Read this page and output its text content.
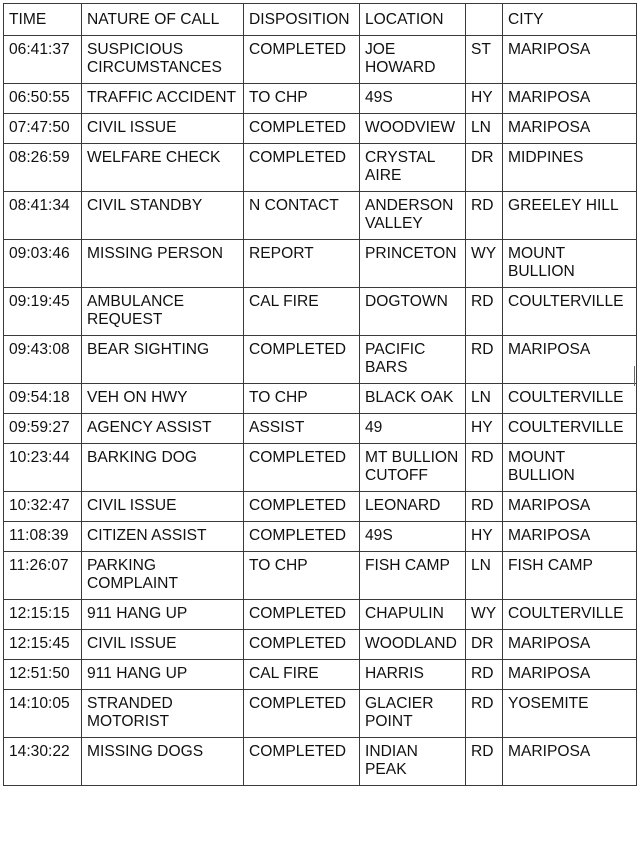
TIME	NATURE OF CALL	DISPOSITION	LOCATION		CITY
06:41:37	SUSPICIOUS CIRCUMSTANCES	COMPLETED	JOE HOWARD	ST	MARIPOSA
06:50:55	TRAFFIC ACCIDENT	TO CHP	49S	HY	MARIPOSA
07:47:50	CIVIL ISSUE	COMPLETED	WOODVIEW	LN	MARIPOSA
08:26:59	WELFARE CHECK	COMPLETED	CRYSTAL AIRE	DR	MIDPINES
08:41:34	CIVIL STANDBY	N CONTACT	ANDERSON VALLEY	RD	GREELEY HILL
09:03:46	MISSING PERSON	REPORT	PRINCETON	WY	MOUNT BULLION
09:19:45	AMBULANCE REQUEST	CAL FIRE	DOGTOWN	RD	COULTERVILLE
09:43:08	BEAR SIGHTING	COMPLETED	PACIFIC BARS	RD	MARIPOSA
09:54:18	VEH ON HWY	TO CHP	BLACK OAK	LN	COULTERVILLE
09:59:27	AGENCY ASSIST	ASSIST	49	HY	COULTERVILLE
10:23:44	BARKING DOG	COMPLETED	MT BULLION CUTOFF	RD	MOUNT BULLION
10:32:47	CIVIL ISSUE	COMPLETED	LEONARD	RD	MARIPOSA
11:08:39	CITIZEN ASSIST	COMPLETED	49S	HY	MARIPOSA
11:26:07	PARKING COMPLAINT	TO CHP	FISH CAMP	LN	FISH CAMP
12:15:15	911 HANG UP	COMPLETED	CHAPULIN	WY	COULTERVILLE
12:15:45	CIVIL ISSUE	COMPLETED	WOODLAND	DR	MARIPOSA
12:51:50	911 HANG UP	CAL FIRE	HARRIS	RD	MARIPOSA
14:10:05	STRANDED MOTORIST	COMPLETED	GLACIER POINT	RD	YOSEMITE
14:30:22	MISSING DOGS	COMPLETED	INDIAN PEAK	RD	MARIPOSA
